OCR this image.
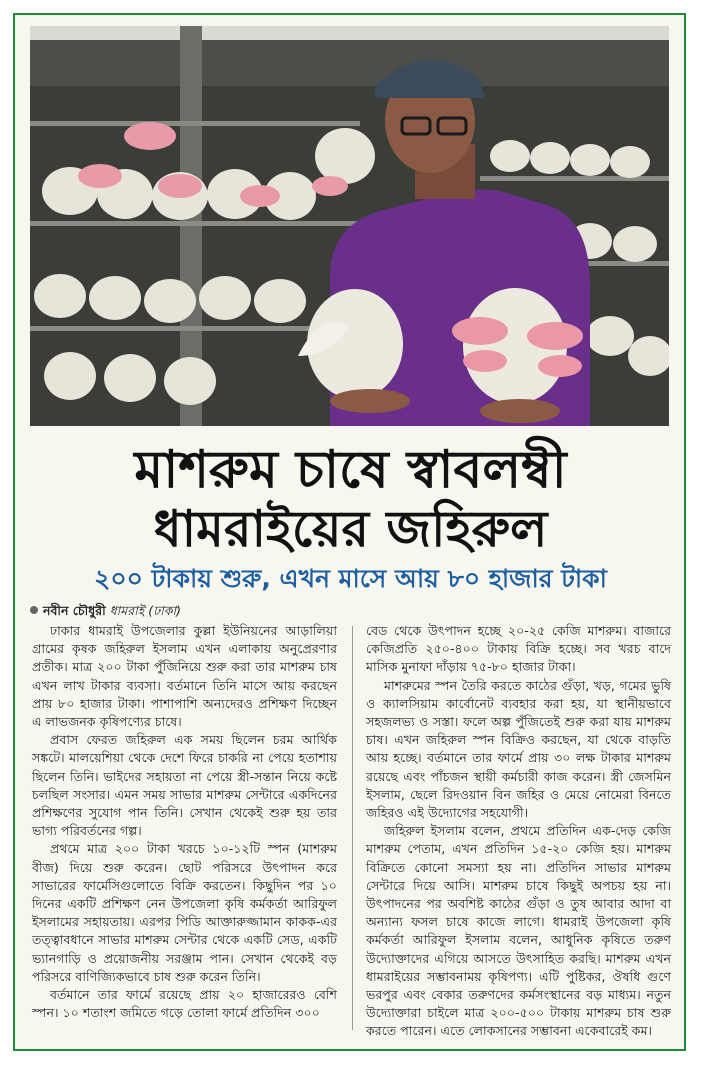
মাশরুম চাষে স্বাবলম্বী
ধামরাইয়ের জহিরুল
২০০ টাকায় শুরু, এখন মাসে আয় ৮০ হাজার টাকা
নবীন চৌধুরী ধামরাই (ঢাকা)

ঢাকার ধামরাই উপজেলার কুল্লা ইউনিয়নের আড়ালিয়া গ্রামের কৃষক জহিরুল ইসলাম এখন এলাকায় অনুপ্রেরণার প্রতীক। মাত্র ২০০ টাকা পুঁজিনিয়ে শুরু করা তার মাশরুম চাষ এখন লাখ টাকার ব্যবসা। বর্তমানে তিনি মাসে আয় করছেন প্রায় ৮০ হাজার টাকা। পাশাপাশি অন্যদেরও প্রশিক্ষণ দিচ্ছেন এ লাভজনক কৃষিপণ্যের চাষে।

প্রবাস ফেরত জহিরুল এক সময় ছিলেন চরম আর্থিক সঙ্কটে। মালয়েশিয়া থেকে দেশে ফিরে চাকরি না পেয়ে হতাশায় ছিলেন তিনি। ভাইদের সহায়তা না পেয়ে স্ত্রী-সন্তান নিয়ে কষ্টে চলছিল সংসার। এমন সময় সাভার মাশরুম সেন্টারে একদিনের প্রশিক্ষণের সুযোগ পান তিনি। সেখান থেকেই শুরু হয় তার ভাগ্য পরিবর্তনের গল্প।

প্রথমে মাত্র ২০০ টাকা খরচে ১০-১২টি স্পন (মাশরুম বীজ) দিয়ে শুরু করেন। ছোট পরিসরে উৎপাদন করে সাভারের ফার্মেসিগুলোতে বিক্রি করতেন। কিছুদিন পর ১০ দিনের একটি প্রশিক্ষণ নেন উপজেলা কৃষি কর্মকর্তা আরিফুল ইসলামের সহায়তায়। এরপর পিডি আক্তারুজ্জামান কাকক-এর তত্ত্বাবধানে সাভার মাশরুম সেন্টার থেকে একটি সেড, একটি ভ্যানগাড়ি ও প্রয়োজনীয় সরঞ্জাম পান। সেখান থেকেই বড় পরিসরে বাণিজ্যিকভাবে চাষ শুরু করেন তিনি।

বর্তমানে তার ফার্মে রয়েছে প্রায় ২০ হাজারেরও বেশি স্পন। ১০ শতাংশ জমিতে গড়ে তোলা ফার্মে প্রতিদিন ৩০০

বেড থেকে উৎপাদন হচ্ছে ২০-২৫ কেজি মাশরুম। বাজারে কেজিপ্রতি ২৫০-৪০০ টাকায় বিক্রি হচ্ছে। সব খরচ বাদে মাসিক মুনাফা দাঁড়ায় ৭৫-৮০ হাজার টাকা।

মাশরুমের স্পন তৈরি করতে কাঠের গুঁড়া, খড়, গমের ভুষি ও ক্যালসিয়াম কার্বোনেট ব্যবহার করা হয়, যা স্থানীয়ভাবে সহজলভ্য ও সস্তা। ফলে অল্প পুঁজিতেই শুরু করা যায় মাশরুম চাষ। এখন জহিরুল স্পন বিক্রিও করছেন, যা থেকে বাড়তি আয় হচ্ছে। বর্তমানে তার ফার্মে প্রায় ৩০ লক্ষ টাকার মাশরুম রয়েছে এবং পাঁচজন স্থায়ী কর্মচারী কাজ করেন। স্ত্রী জেসমিন ইসলাম, ছেলে রিদওয়ান বিন জহির ও মেয়ে নোমেরা বিনতে জহিরও এই উদ্যোগের সহযোগী।

জহিরুল ইসলাম বলেন, প্রথমে প্রতিদিন এক-দেড় কেজি মাশরুম পেতাম, এখন প্রতিদিন ১৫-২০ কেজি হয়। মাশরুম বিক্রিতে কোনো সমস্যা হয় না। প্রতিদিন সাভার মাশরুম সেন্টারে দিয়ে আসি। মাশরুম চাষে কিছুই অপচয় হয় না। উৎপাদনের পর অবশিষ্ট কাঠের গুঁড়া ও তুষ আবার আদা বা অন্যান্য ফসল চাষে কাজে লাগে। ধামরাই উপজেলা কৃষি কর্মকর্তা আরিফুল ইসলাম বলেন, আধুনিক কৃষিতে তরুণ উদ্যোক্তাদের এগিয়ে আসতে উৎসাহিত করছি। মাশরুম এখন ধামরাইয়ের সম্ভাবনাময় কৃষিপণ্য। এটি পুষ্টিকর, ঔষধি গুণে ভরপুর এবং বেকার তরুণদের কর্মসংস্থানের বড় মাধ্যম। নতুন উদ্যোক্তারা চাইলে মাত্র ২০০-৫০০ টাকায় মাশরুম চাষ শুরু করতে পারেন। এতে লোকসানের সম্ভাবনা একেবারেই কম।
